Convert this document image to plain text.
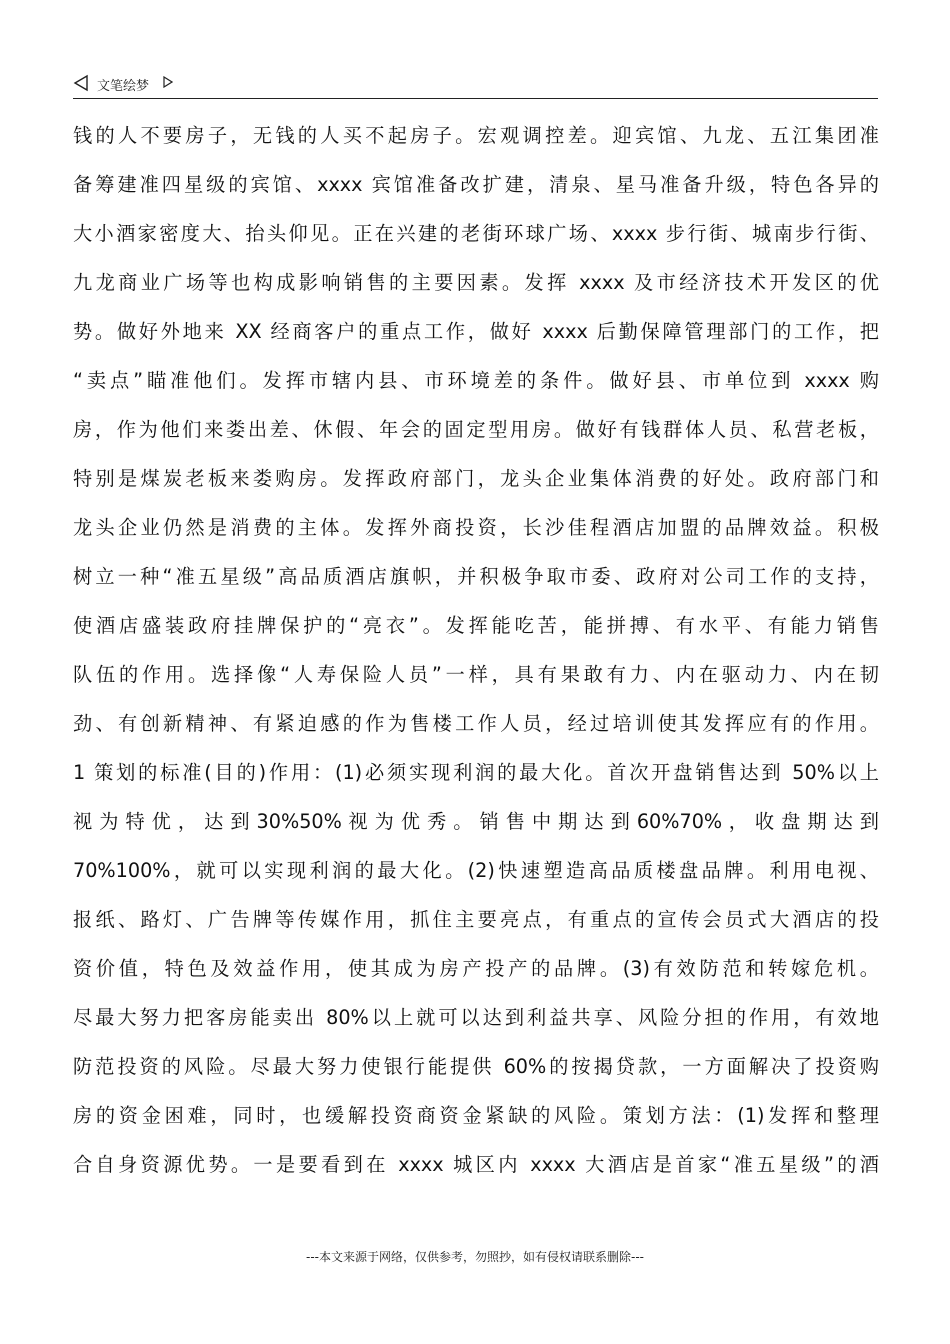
文笔绘梦
钱的人不要房子，无钱的人买不起房子。宏观调控差。迎宾馆、九龙、五江集团准
备筹建准四星级的宾馆、xxxx 宾馆准备改扩建，清泉、星马准备升级，特色各异的
大小酒家密度大、抬头仰见。正在兴建的老街环球广场、xxxx 步行街、城南步行街、
九龙商业广场等也构成影响销售的主要因素。发挥 xxxx 及市经济技术开发区的优
势。做好外地来 XX 经商客户的重点工作，做好 xxxx 后勤保障管理部门的工作，把
“卖点”瞄准他们。发挥市辖内县、市环境差的条件。做好县、市单位到 xxxx 购
房，作为他们来娄出差、休假、年会的固定型用房。做好有钱群体人员、私营老板，
特别是煤炭老板来娄购房。发挥政府部门，龙头企业集体消费的好处。政府部门和
龙头企业仍然是消费的主体。发挥外商投资，长沙佳程酒店加盟的品牌效益。积极
树立一种“准五星级”高品质酒店旗帜，并积极争取市委、政府对公司工作的支持，
使酒店盛装政府挂牌保护的“亮衣”。发挥能吃苦，能拼搏、有水平、有能力销售
队伍的作用。选择像“人寿保险人员”一样，具有果敢有力、内在驱动力、内在韧
劲、有创新精神、有紧迫感的作为售楼工作人员，经过培训使其发挥应有的作用。
1 策划的标准(目的)作用：(1)必须实现利润的最大化。首次开盘销售达到 50%以上
视 为 特 优 ， 达 到 30%50% 视 为 优 秀 。 销 售 中 期 达 到 60%70% ， 收 盘 期 达 到
70%100%，就可以实现利润的最大化。(2)快速塑造高品质楼盘品牌。利用电视、
报纸、路灯、广告牌等传媒作用，抓住主要亮点，有重点的宣传会员式大酒店的投
资价值，特色及效益作用，使其成为房产投产的品牌。(3)有效防范和转嫁危机。
尽最大努力把客房能卖出 80%以上就可以达到利益共享、风险分担的作用，有效地
防范投资的风险。尽最大努力使银行能提供 60%的按揭贷款，一方面解决了投资购
房的资金困难，同时，也缓解投资商资金紧缺的风险。策划方法：(1)发挥和整理
合自身资源优势。一是要看到在 xxxx 城区内 xxxx 大酒店是首家“准五星级”的酒
---本文来源于网络，仅供参考，勿照抄，如有侵权请联系删除---
